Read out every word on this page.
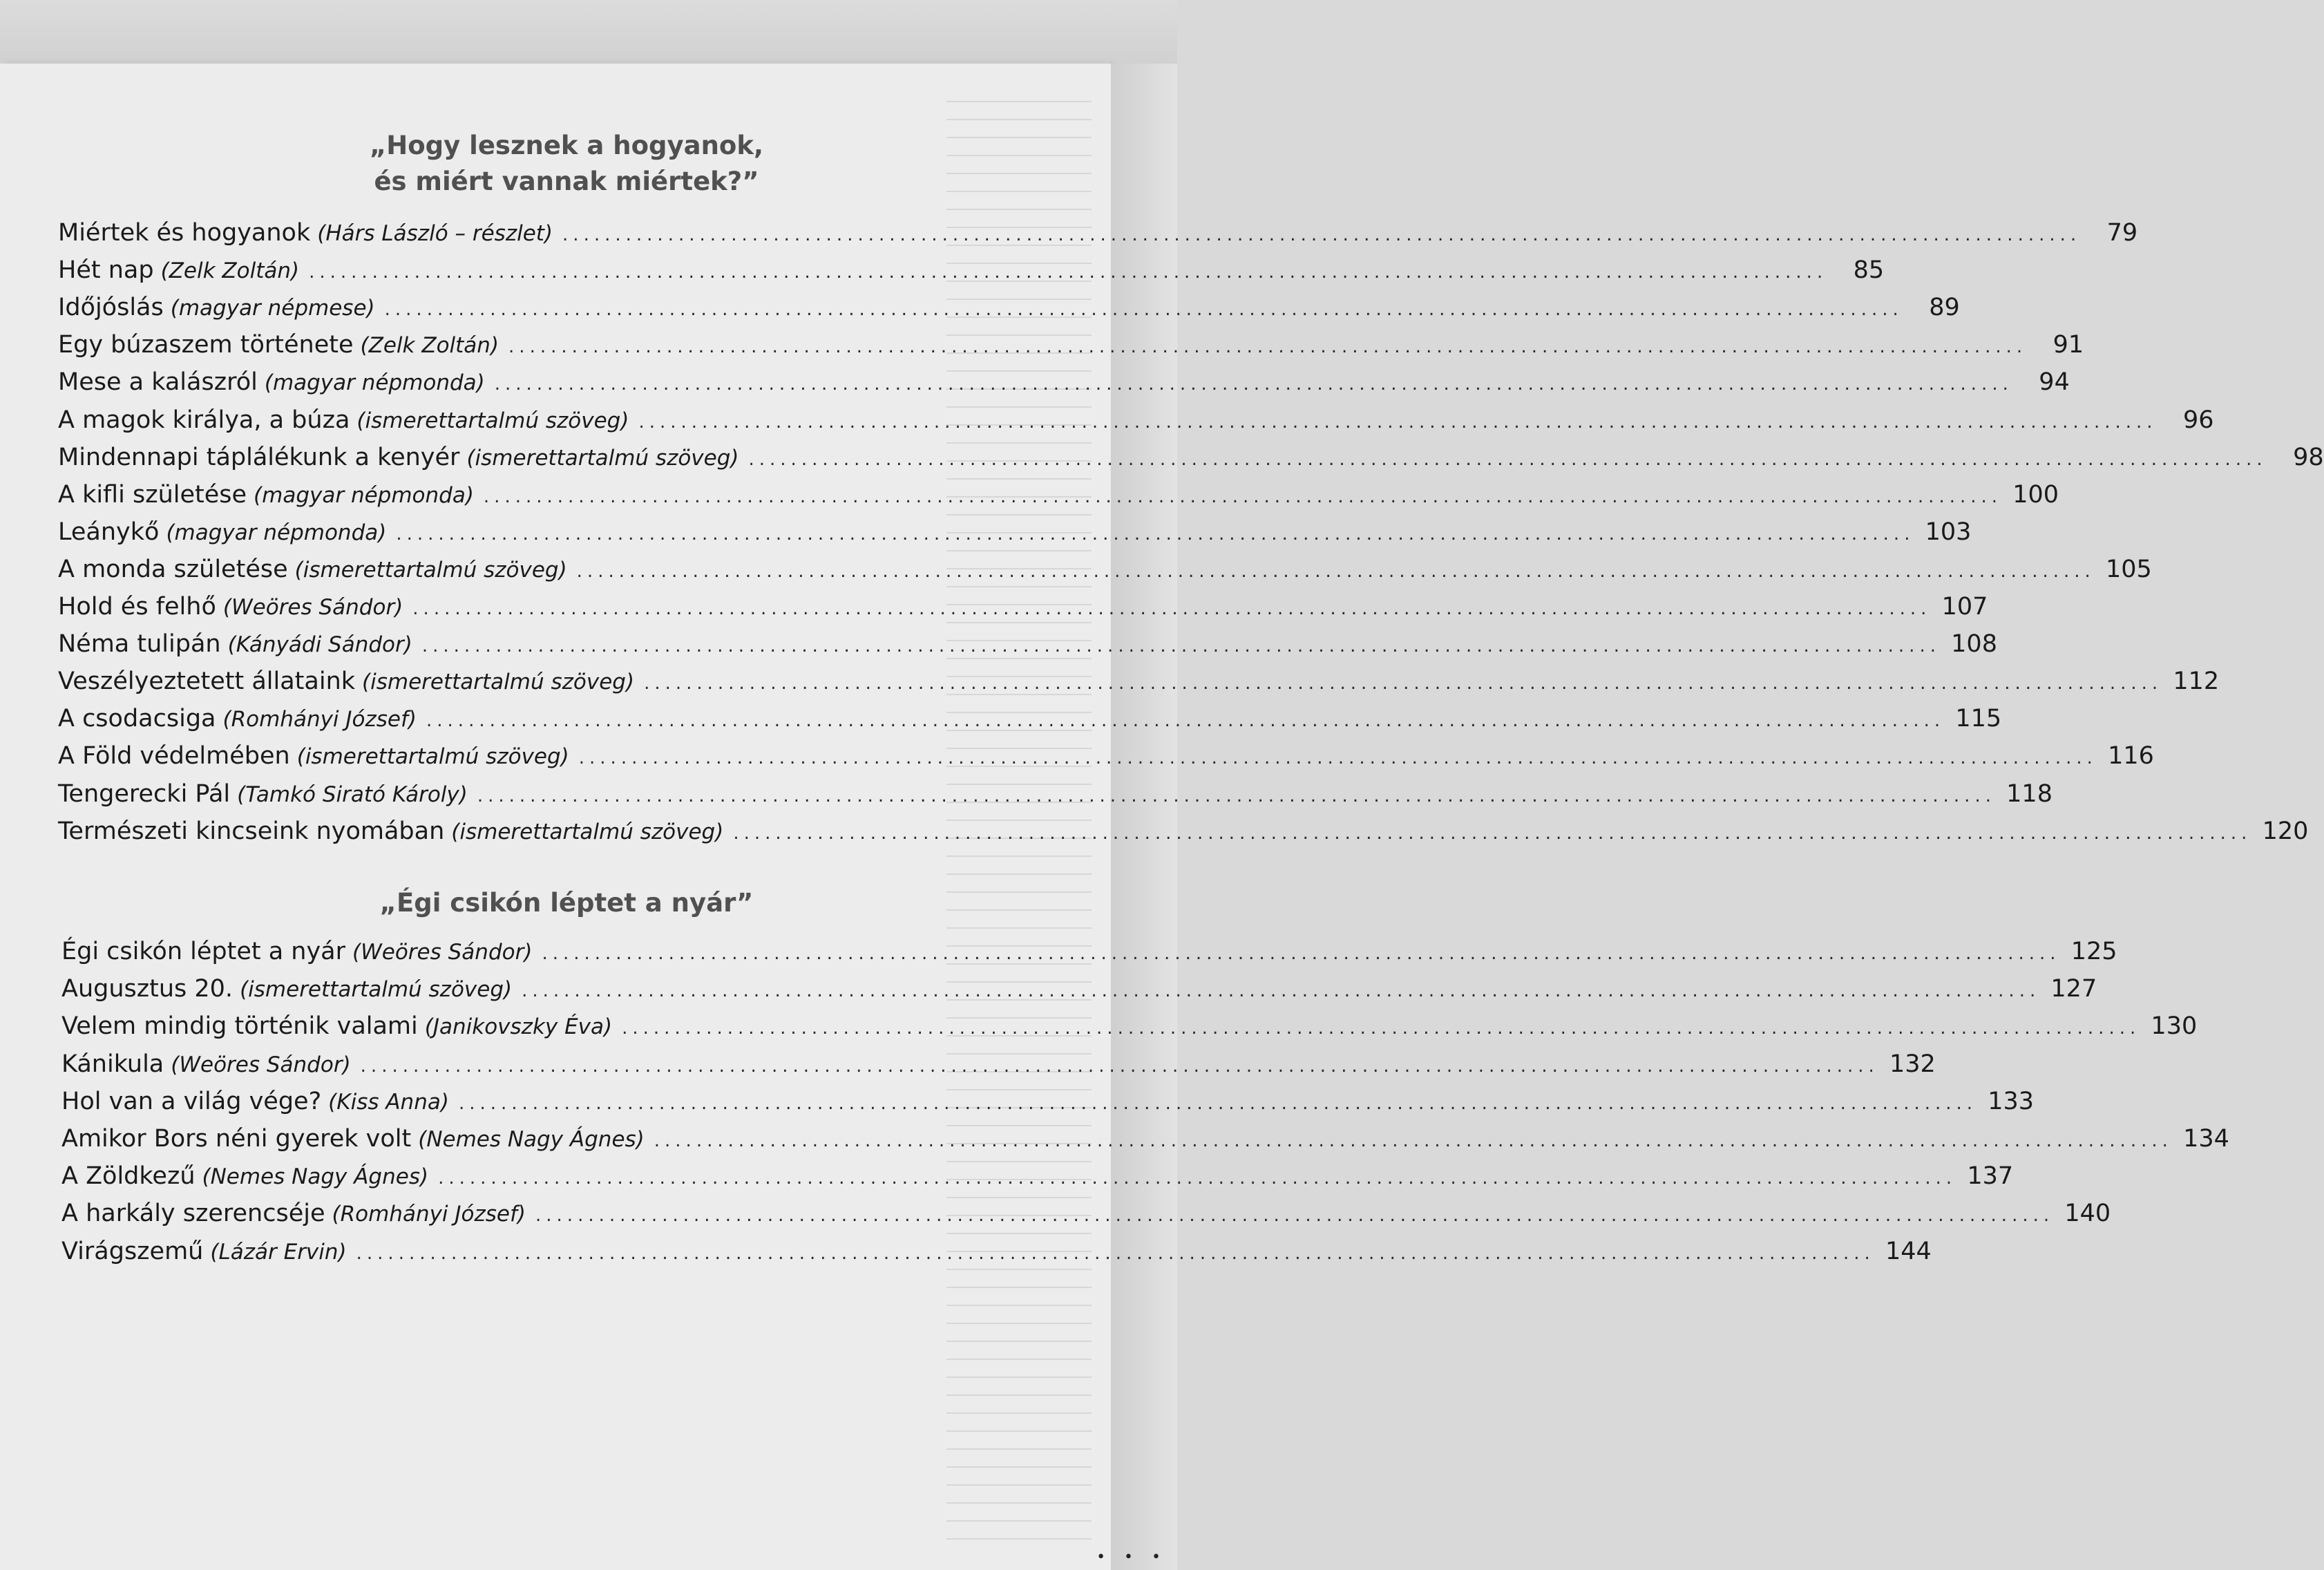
„Hogy lesznek a hogyanok,
és miért vannak miértek?”
„Égi csikón léptet a nyár”
Miértek és hogyanok (Hárs László – részlet) ................................................................................................................................................	79
Hét nap (Zelk Zoltán) ................................................................................................................................................	85
Időjóslás (magyar népmese) ................................................................................................................................................	89
Egy búzaszem története (Zelk Zoltán) ................................................................................................................................................	91
Mese a kalászról (magyar népmonda) ................................................................................................................................................	94
A magok királya, a búza (ismerettartalmú szöveg) ................................................................................................................................................	96
Mindennapi táplálékunk a kenyér (ismerettartalmú szöveg) ................................................................................................................................................	98
A kifli születése (magyar népmonda) ................................................................................................................................................ 100
Leánykő (magyar népmonda) ................................................................................................................................................ 103
A monda születése (ismerettartalmú szöveg) ................................................................................................................................................ 105
Hold és felhő (Weöres Sándor) ................................................................................................................................................ 107
Néma tulipán (Kányádi Sándor) ................................................................................................................................................ 108
Veszélyeztetett állataink (ismerettartalmú szöveg) ................................................................................................................................................ 112
A csodacsiga (Romhányi József) ................................................................................................................................................ 115
A Föld védelmében (ismerettartalmú szöveg) ................................................................................................................................................ 116
Tengerecki Pál (Tamkó Sirató Károly) ................................................................................................................................................ 118
Természeti kincseink nyomában (ismerettartalmú szöveg) ................................................................................................................................................ 120
Égi csikón léptet a nyár (Weöres Sándor) ................................................................................................................................................ 125
Augusztus 20. (ismerettartalmú szöveg) ................................................................................................................................................ 127
Velem mindig történik valami (Janikovszky Éva) ................................................................................................................................................ 130
Kánikula (Weöres Sándor) ................................................................................................................................................ 132
Hol van a világ vége? (Kiss Anna) ................................................................................................................................................ 133
Amikor Bors néni gyerek volt (Nemes Nagy Ágnes) ................................................................................................................................................ 134
A Zöldkezű (Nemes Nagy Ágnes) ................................................................................................................................................ 137
A harkály szerencséje (Romhányi József) ................................................................................................................................................ 140
Virágszemű (Lázár Ervin) ................................................................................................................................................ 144
• • •
